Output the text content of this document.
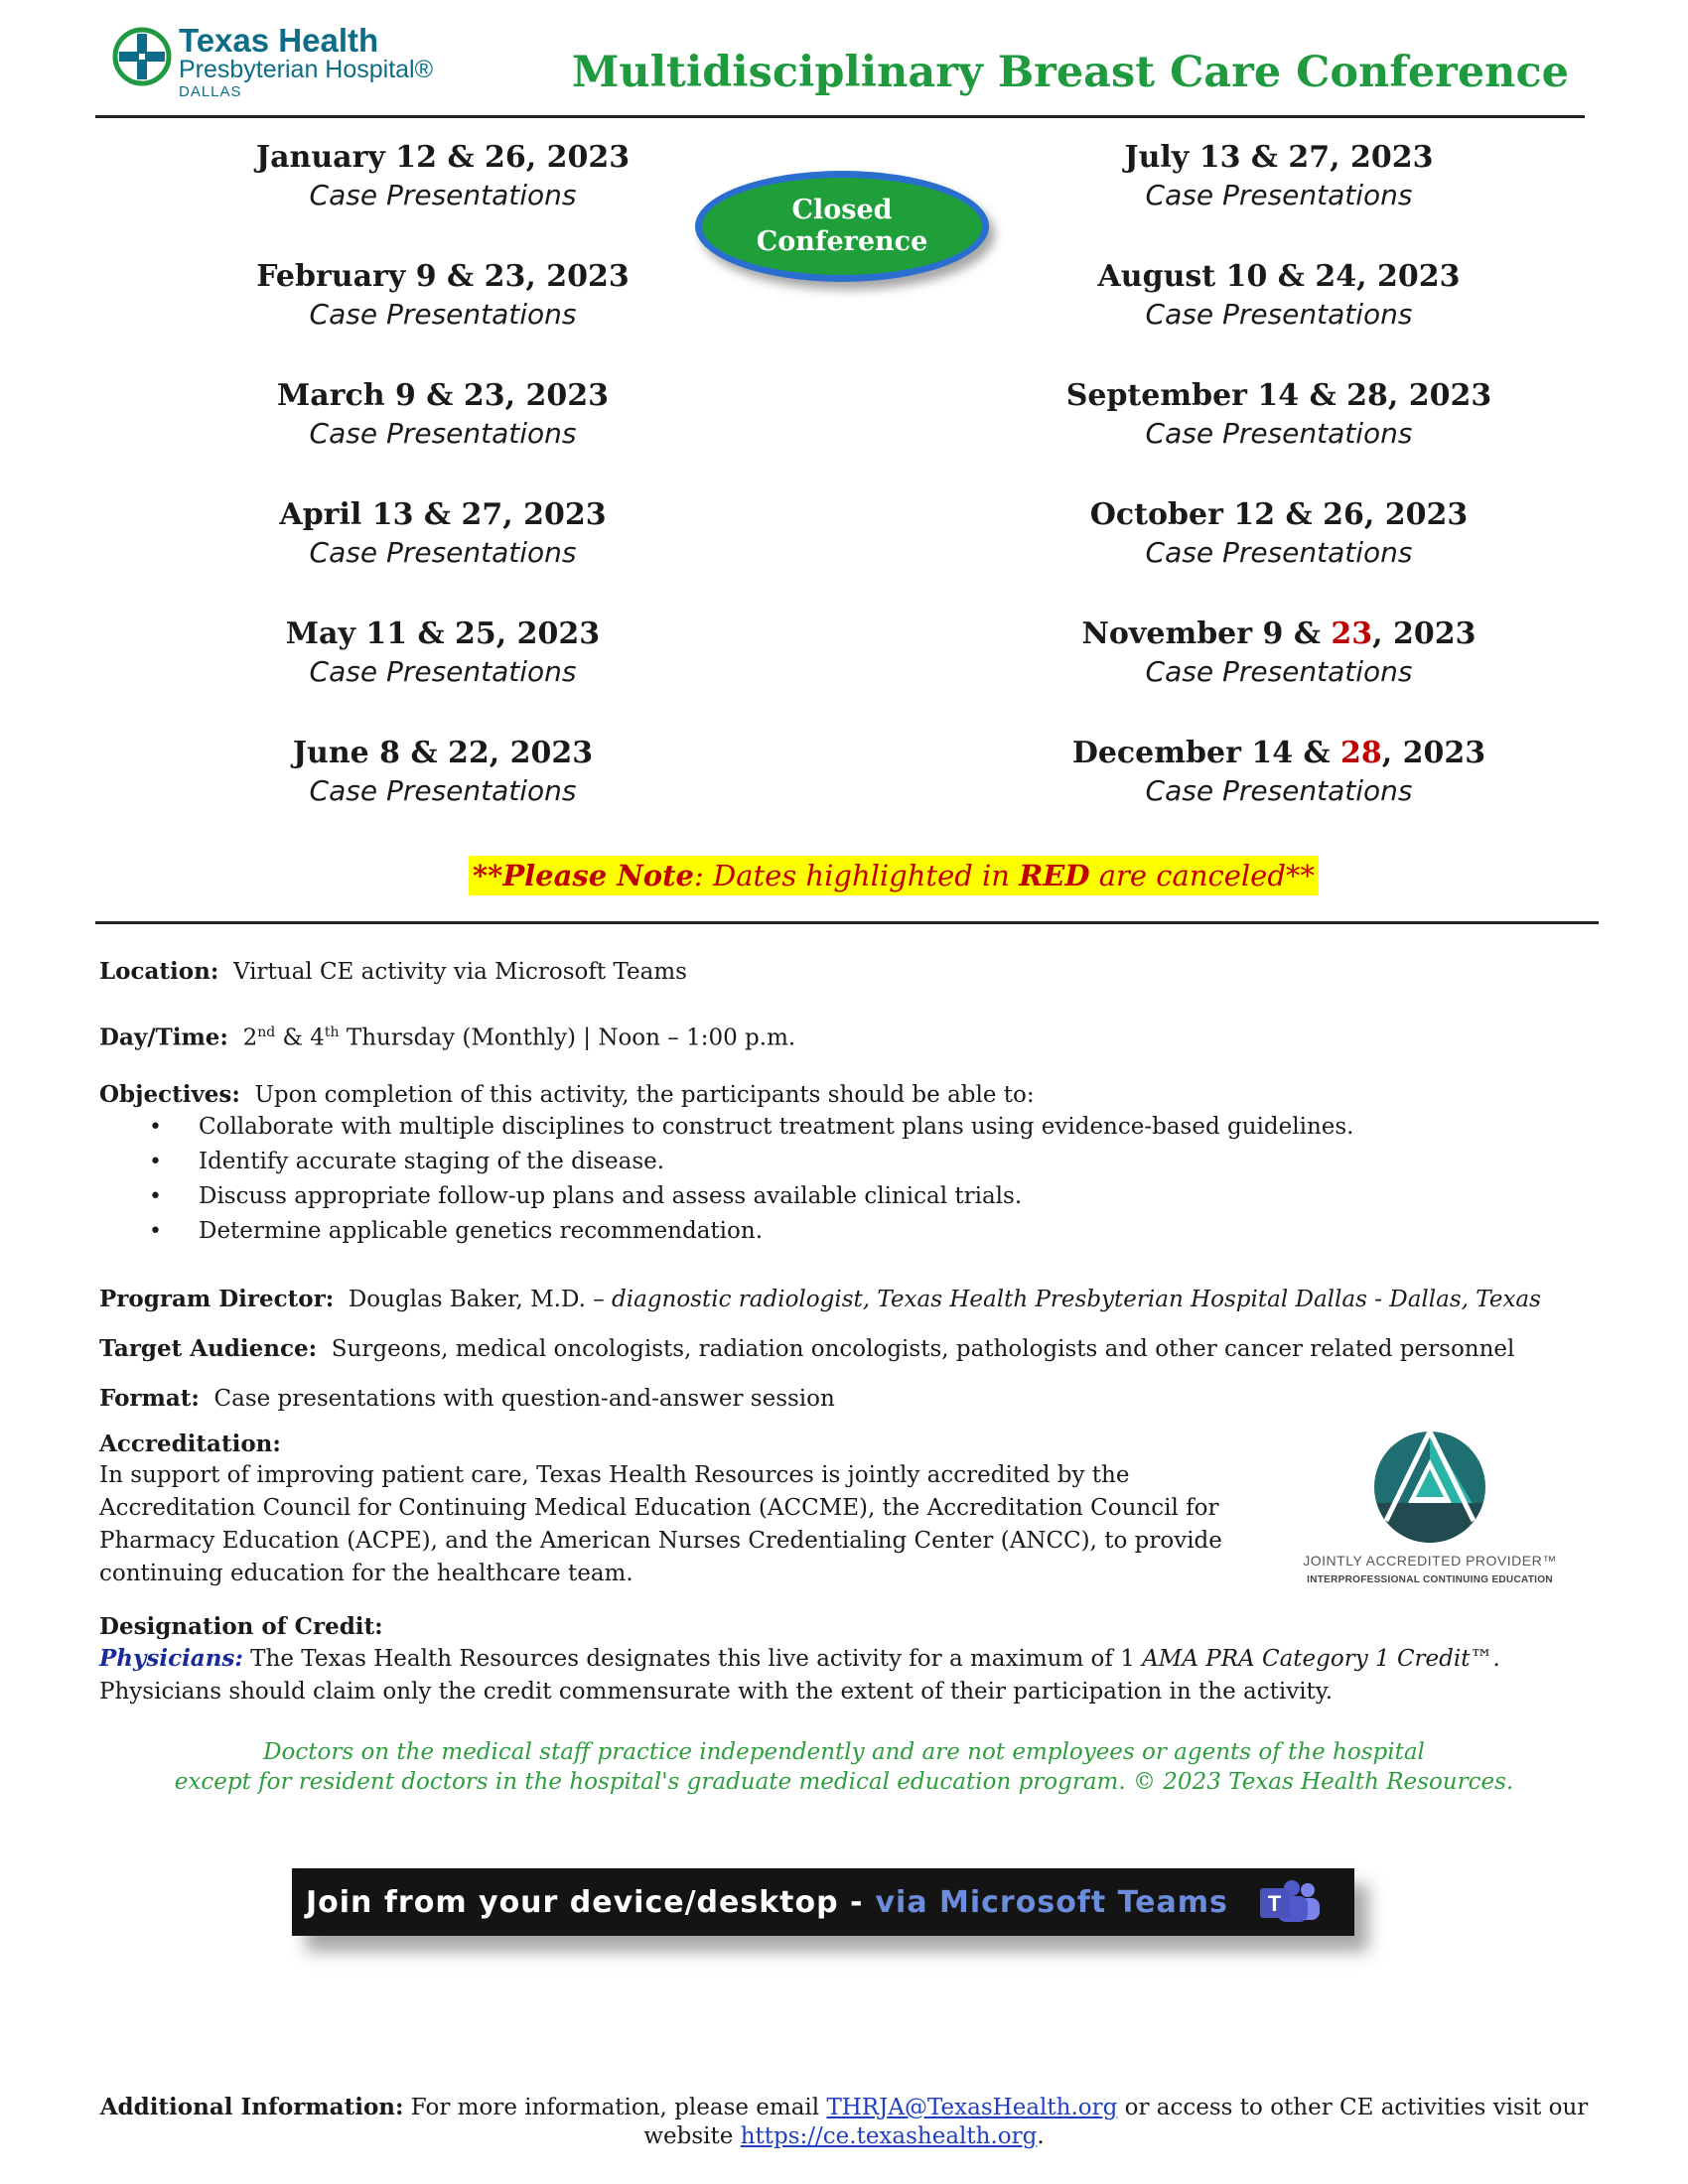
Texas Health
Presbyterian Hospital®
DALLAS	Multidisciplinary Breast Care Conference
January 12 & 26, 2023
Case Presentations
February 9 & 23, 2023
Case Presentations
March 9 & 23, 2023
Case Presentations
April 13 & 27, 2023
Case Presentations
May 11 & 25, 2023
Case Presentations
June 8 & 22, 2023
Case Presentations
Closed
Conference
July 13 & 27, 2023
Case Presentations
August 10 & 24, 2023
Case Presentations
September 14 & 28, 2023
Case Presentations
October 12 & 26, 2023
Case Presentations
November 9 & 23, 2023
Case Presentations
December 14 & 28, 2023
Case Presentations
**Please Note: Dates highlighted in RED are canceled**
Location: Virtual CE activity via Microsoft Teams
Day/Time: 2nd & 4th Thursday (Monthly) | Noon – 1:00 p.m.
Objectives: Upon completion of this activity, the participants should be able to:
• Collaborate with multiple disciplines to construct treatment plans using evidence-based guidelines.
• Identify accurate staging of the disease.
• Discuss appropriate follow-up plans and assess available clinical trials.
• Determine applicable genetics recommendation.
Program Director: Douglas Baker, M.D. – diagnostic radiologist, Texas Health Presbyterian Hospital Dallas - Dallas, Texas
Target Audience: Surgeons, medical oncologists, radiation oncologists, pathologists and other cancer related personnel
Format: Case presentations with question-and-answer session
Accreditation:
In support of improving patient care, Texas Health Resources is jointly accredited by the Accreditation Council for Continuing Medical Education (ACCME), the Accreditation Council for Pharmacy Education (ACPE), and the American Nurses Credentialing Center (ANCC), to provide continuing education for the healthcare team.	JOINTLY ACCREDITED PROVIDER™
INTERPROFESSIONAL CONTINUING EDUCATION
Designation of Credit:
Physicians: The Texas Health Resources designates this live activity for a maximum of 1 AMA PRA Category 1 Credit™. Physicians should claim only the credit commensurate with the extent of their participation in the activity.
Doctors on the medical staff practice independently and are not employees or agents of the hospital
except for resident doctors in the hospital's graduate medical education program. © 2023 Texas Health Resources.
Join from your device/desktop - via Microsoft Teams T
Additional Information: For more information, please email THRJA@TexasHealth.org or access to other CE activities visit our website https://ce.texashealth.org.
